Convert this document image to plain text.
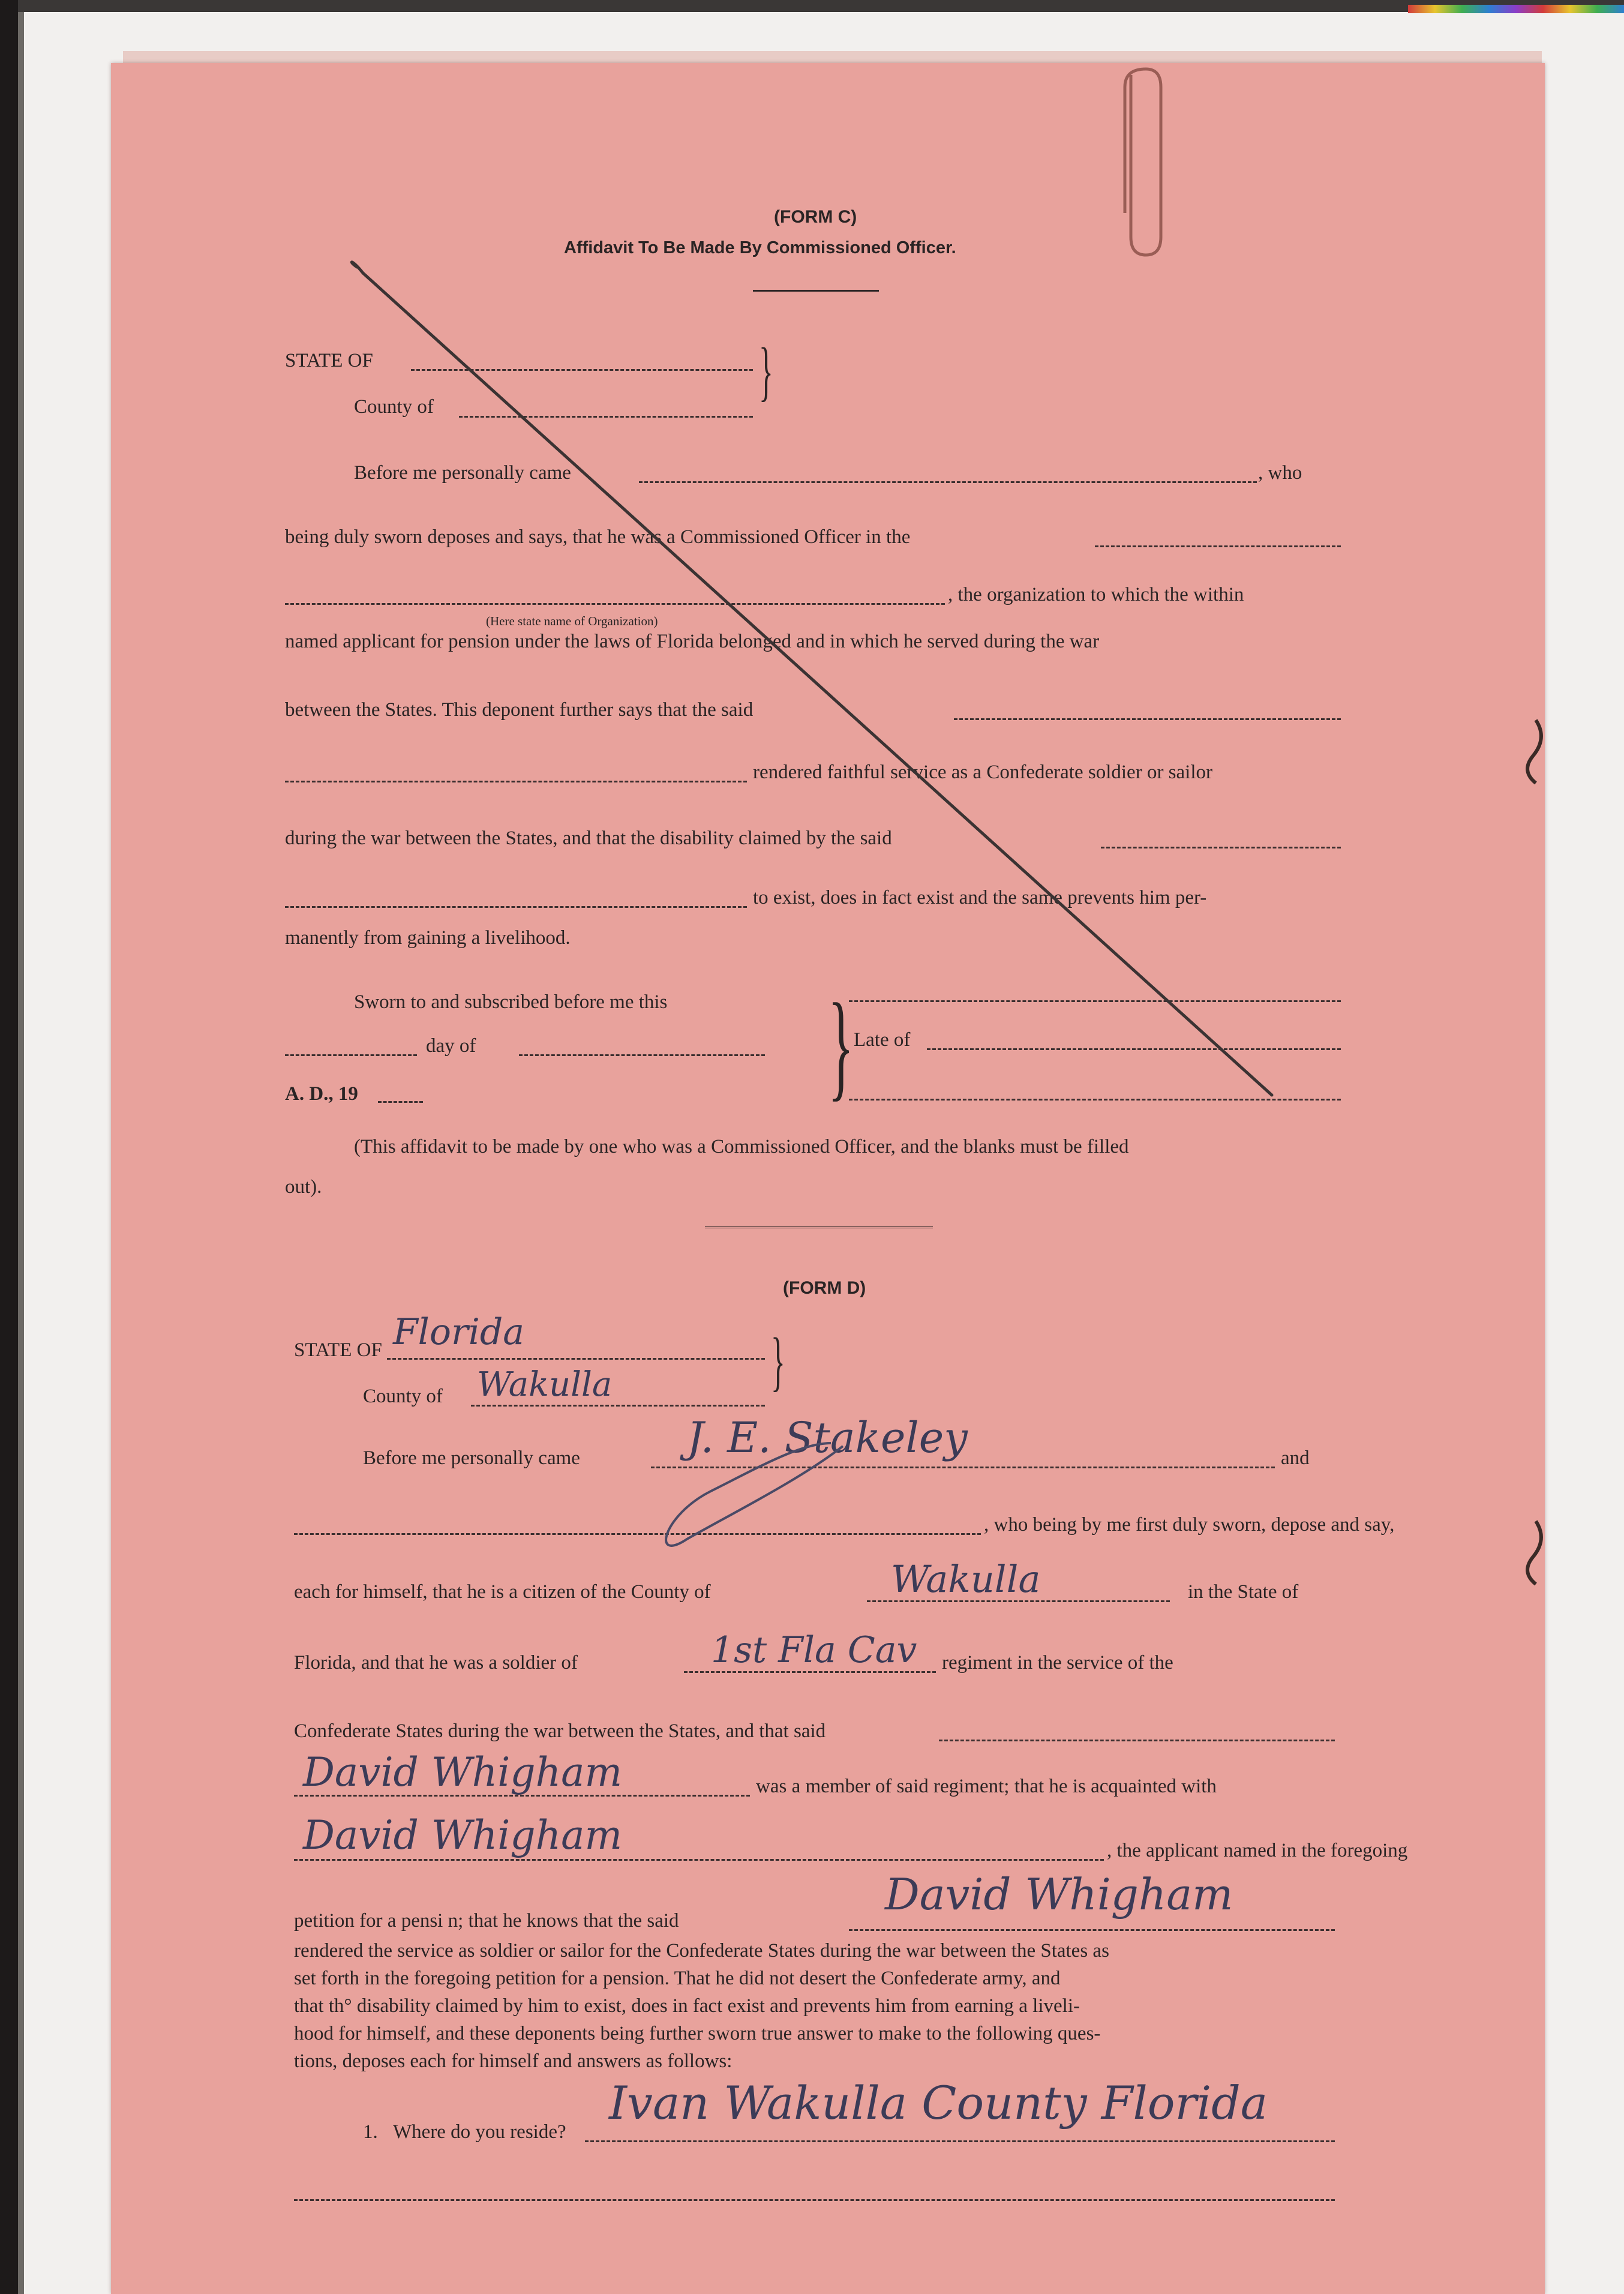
(FORM C)
Affidavit To Be Made By Commissioned Officer.
STATE OF
County of	}
Before me personally came	, who
being duly sworn deposes and says, that he was a Commissioned Officer in the
, the organization to which the within
(Here state name of Organization)
named applicant for pension under the laws of Florida belonged and in which he served during the war
between the States. This deponent further says that the said
rendered faithful service as a Confederate soldier or sailor
during the war between the States, and that the disability claimed by the said
to exist, does in fact exist and the same prevents him per-
manently from gaining a livelihood.
Sworn to and subscribed before me this
day of
A. D., 19	} Late of
(This affidavit to be made by one who was a Commissioned Officer, and the blanks must be filled
out).
(FORM D)
STATE OF Florida	}
County of Wakulla
Before me personally came	J. E. Stakeley	and
, who being by me first duly sworn, depose and say,
each for himself, that he is a citizen of the County of	Wakulla	in the State of
Florida, and that he was a soldier of	1st Fla Cav regiment in the service of the
Confederate States during the war between the States, and that said
David Whigham	was a member of said regiment; that he is acquainted with
David Whigham	, the applicant named in the foregoing
petition for a pensi n; that he knows that the said
David Whigham
rendered the service as soldier or sailor for the Confederate States during the war between the States as
set forth in the foregoing petition for a pension. That he did not desert the Confederate army, and
that th° disability claimed by him to exist, does in fact exist and prevents him from earning a liveli-
hood for himself, and these deponents being further sworn true answer to make to the following ques-
tions, deposes each for himself and answers as follows:
1. Where do you reside?
Ivan Wakulla County Florida
